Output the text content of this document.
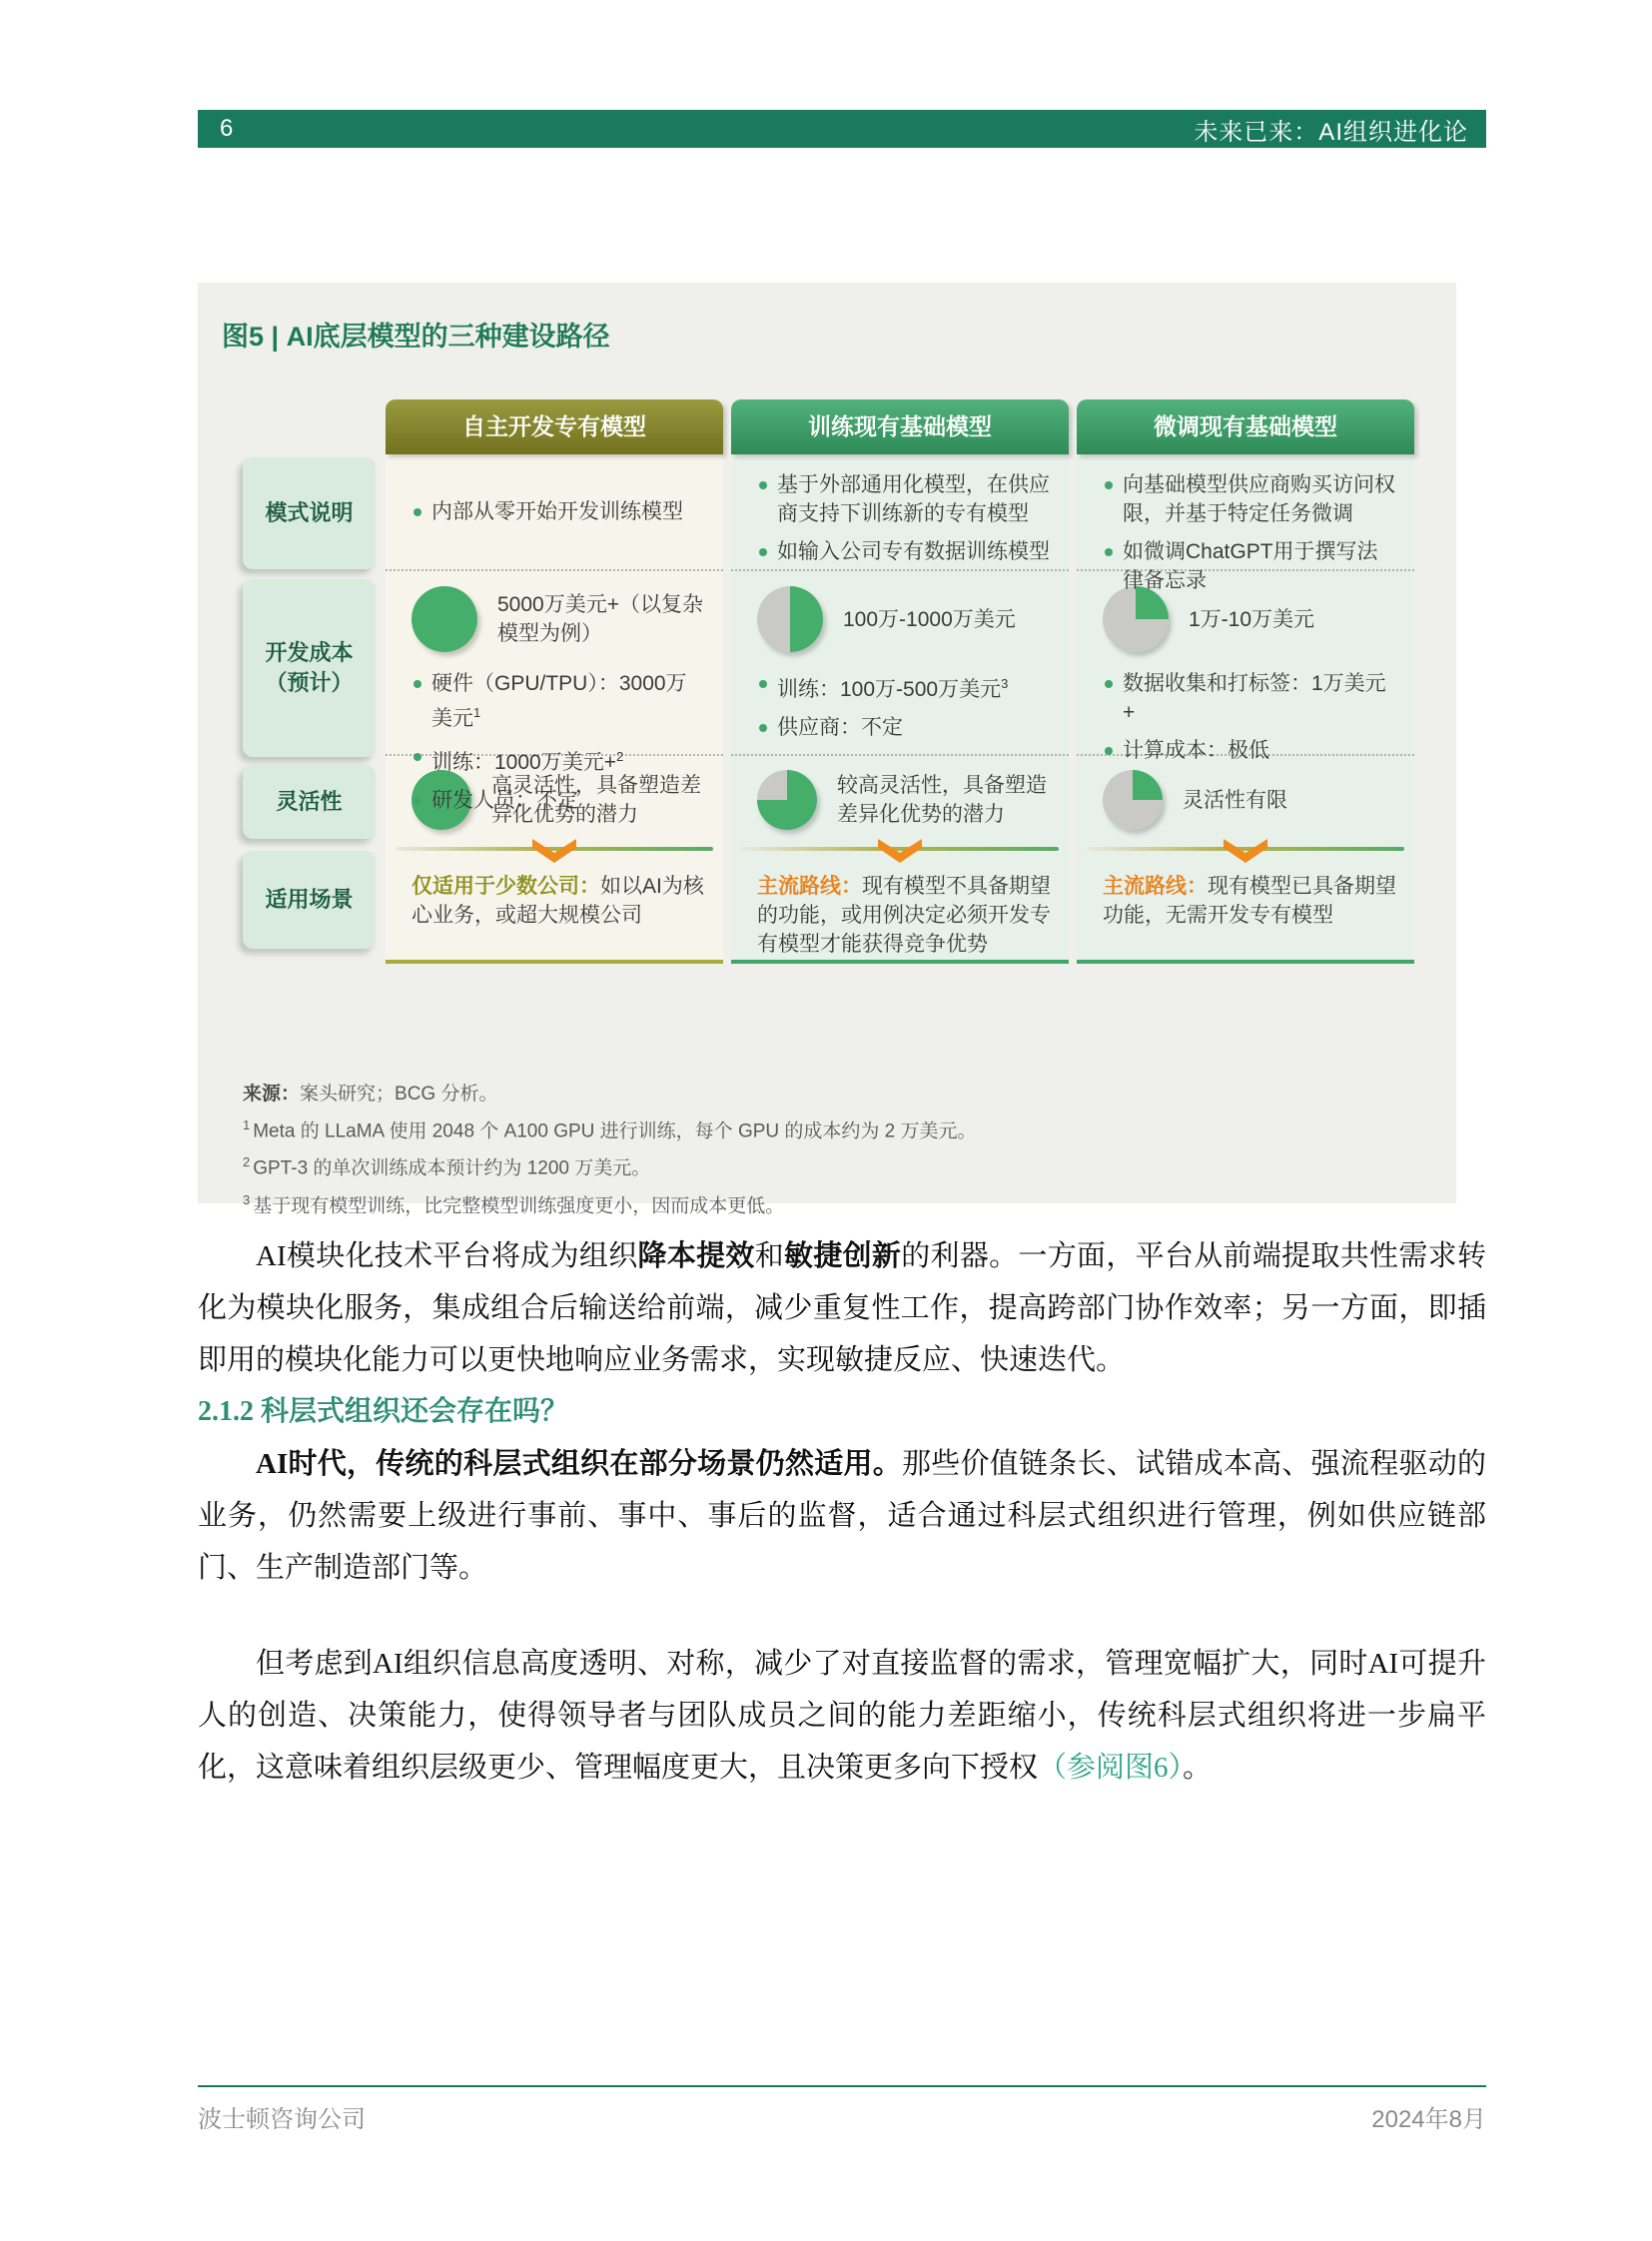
6	未来已来：AI组织进化论
图5 | AI底层模型的三种建设路径
模式说明
开发成本
（预计）
灵活性
适用场景
自主开发专有模型
内部从零开始开发训练模型
5000万美元+（以复杂模型为例）
硬件（GPU/TPU）：3000万美元$^1$
训练：1000万美元+$^2$
研发人员：不定
高灵活性，具备塑造差异化优势的潜力

仅适用于少数公司：如以AI为核心业务，或超大规模公司

训练现有基础模型
基于外部通用化模型，在供应商支持下训练新的专有模型
如输入公司专有数据训练模型
100万-1000万美元
训练：100万-500万美元$^3$
供应商：不定
较高灵活性，具备塑造差异化优势的潜力

主流路线：现有模型不具备期望的功能，或用例决定必须开发专有模型才能获得竞争优势

微调现有基础模型
向基础模型供应商购买访问权限，并基于特定任务微调
如微调ChatGPT用于撰写法律备忘录
1万-10万美元
数据收集和打标签：1万美元+
计算成本：极低
灵活性有限

主流路线：现有模型已具备期望功能，无需开发专有模型

来源：案头研究；BCG 分析。

$^1$ Meta 的 LLaMA 使用 2048 个 A100 GPU 进行训练，每个 GPU 的成本约为 2 万美元。

$^2$ GPT-3 的单次训练成本预计约为 1200 万美元。

$^3$ 基于现有模型训练，比完整模型训练强度更小，因而成本更低。

AI模块化技术平台将成为组织降本提效和敏捷创新的利器。一方面，平台从前端提取共性需求转化为模块化服务，集成组合后输送给前端，减少重复性工作，提高跨部门协作效率；另一方面，即插即用的模块化能力可以更快地响应业务需求，实现敏捷反应、快速迭代。

2.1.2 科层式组织还会存在吗？

AI时代，传统的科层式组织在部分场景仍然适用。那些价值链条长、试错成本高、强流程驱动的业务，仍然需要上级进行事前、事中、事后的监督，适合通过科层式组织进行管理，例如供应链部门、生产制造部门等。

但考虑到AI组织信息高度透明、对称，减少了对直接监督的需求，管理宽幅扩大，同时AI可提升人的创造、决策能力，使得领导者与团队成员之间的能力差距缩小，传统科层式组织将进一步扁平化，这意味着组织层级更少、管理幅度更大，且决策更多向下授权（参阅图6）。

波士顿咨询公司	2024年8月
